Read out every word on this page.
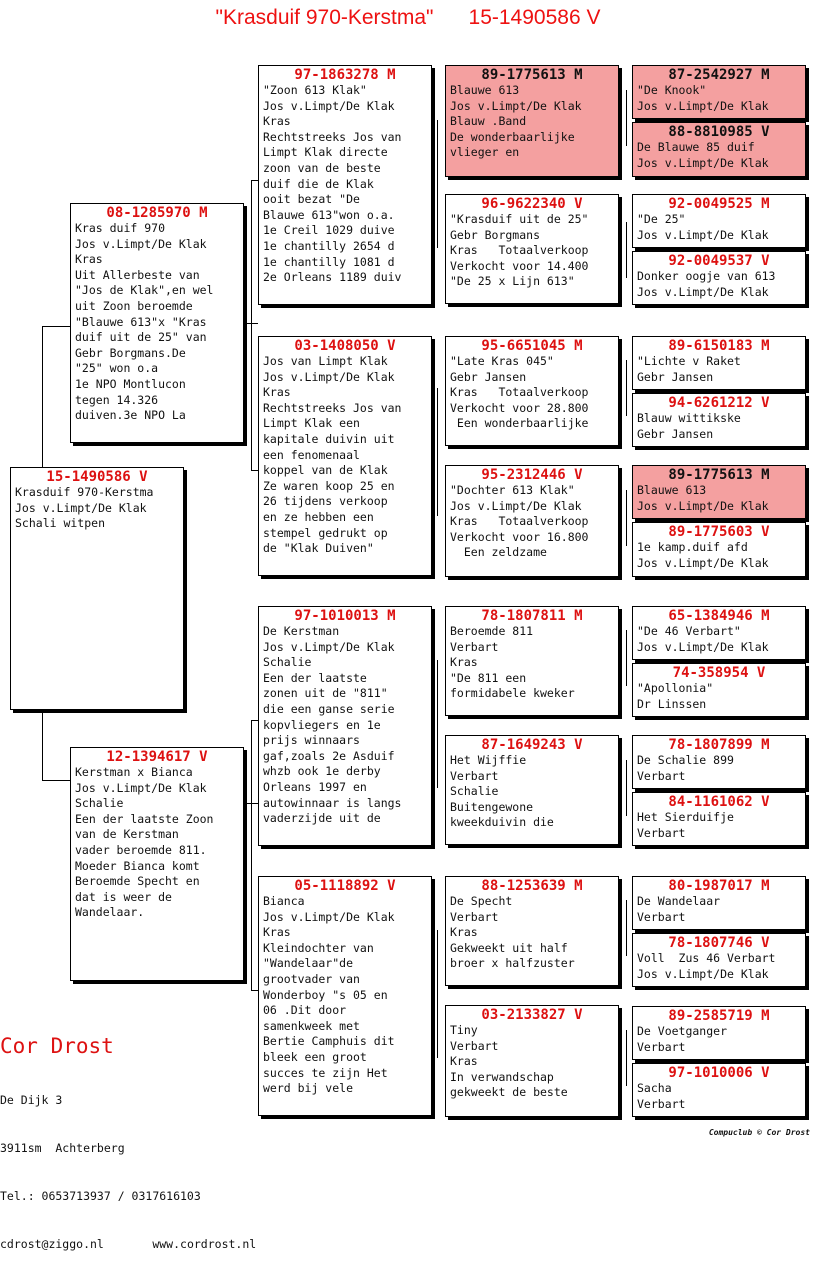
"Krasduif 970-Kerstma"      15-1490586 V
15-1490586 V
Krasduif 970-Kerstma
Jos v.Limpt/De Klak
Schali witpen
08-1285970 M
Kras duif 970
Jos v.Limpt/De Klak
Kras
Uit Allerbeste van
"Jos de Klak",en wel
uit Zoon beroemde
"Blauwe 613"x "Kras
duif uit de 25" van
Gebr Borgmans.De
"25" won o.a
1e NPO Montlucon
tegen 14.326
duiven.3e NPO La
12-1394617 V
Kerstman x Bianca
Jos v.Limpt/De Klak
Schalie
Een der laatste Zoon
van de Kerstman
vader beroemde 811.
Moeder Bianca komt
Beroemde Specht en
dat is weer de
Wandelaar.
97-1863278 M
"Zoon 613 Klak"
Jos v.Limpt/De Klak
Kras
Rechtstreeks Jos van
Limpt Klak directe
zoon van de beste
duif die de Klak
ooit bezat "De
Blauwe 613"won o.a.
1e Creil 1029 duive
1e chantilly 2654 d
1e chantilly 1081 d
2e Orleans 1189 duiv
03-1408050 V
Jos van Limpt Klak
Jos v.Limpt/De Klak
Kras
Rechtstreeks Jos van
Limpt Klak een
kapitale duivin uit
een fenomenaal
koppel van de Klak
Ze waren koop 25 en
26 tijdens verkoop
en ze hebben een
stempel gedrukt op
de "Klak Duiven"
97-1010013 M
De Kerstman
Jos v.Limpt/De Klak
Schalie
Een der laatste
zonen uit de "811"
die een ganse serie
kopvliegers en 1e
prijs winnaars
gaf,zoals 2e Asduif
whzb ook 1e derby
Orleans 1997 en
autowinnaar is langs
vaderzijde uit de
05-1118892 V
Bianca
Jos v.Limpt/De Klak
Kras
Kleindochter van
"Wandelaar"de
grootvader van
Wonderboy "s 05 en
06 .Dit door
samenkweek met
Bertie Camphuis dit
bleek een groot
succes te zijn Het
werd bij vele
89-1775613 M
Blauwe 613
Jos v.Limpt/De Klak
Blauw .Band
De wonderbaarlijke
vlieger en
96-9622340 V
"Krasduif uit de 25"
Gebr Borgmans
Kras   Totaalverkoop
Verkocht voor 14.400
"De 25 x Lijn 613"
95-6651045 M
"Late Kras 045"
Gebr Jansen
Kras   Totaalverkoop
Verkocht voor 28.800
Een wonderbaarlijke
95-2312446 V
"Dochter 613 Klak"
Jos v.Limpt/De Klak
Kras   Totaalverkoop
Verkocht voor 16.800
Een zeldzame
78-1807811 M
Beroemde 811
Verbart
Kras
"De 811 een
formidabele kweker
87-1649243 V
Het Wijffie
Verbart
Schalie
Buitengewone
kweekduivin die
88-1253639 M
De Specht
Verbart
Kras
Gekweekt uit half
broer x halfzuster
03-2133827 V
Tiny
Verbart
Kras
In verwandschap
gekweekt de beste
87-2542927 M
"De Knook"
Jos v.Limpt/De Klak
88-8810985 V
De Blauwe 85 duif
Jos v.Limpt/De Klak
92-0049525 M
"De 25"
Jos v.Limpt/De Klak
92-0049537 V
Donker oogje van 613
Jos v.Limpt/De Klak
89-6150183 M
"Lichte v Raket
Gebr Jansen
94-6261212 V
Blauw wittikske
Gebr Jansen
89-1775613 M
Blauwe 613
Jos v.Limpt/De Klak
89-1775603 V
1e kamp.duif afd
Jos v.Limpt/De Klak
65-1384946 M
"De 46 Verbart"
Jos v.Limpt/De Klak
74-358954 V
"Apollonia"
Dr Linssen
78-1807899 M
De Schalie 899
Verbart
84-1161062 V
Het Sierduifje
Verbart
80-1987017 M
De Wandelaar
Verbart
78-1807746 V
Voll  Zus 46 Verbart
Jos v.Limpt/De Klak
89-2585719 M
De Voetganger
Verbart
97-1010006 V
Sacha
Verbart
Cor Drost

De Dijk 3

3911sm  Achterberg

Tel.: 0653713937 / 0317616103

cdrost@ziggo.nl	www.cordrost.nl

Compuclub © Cor Drost
